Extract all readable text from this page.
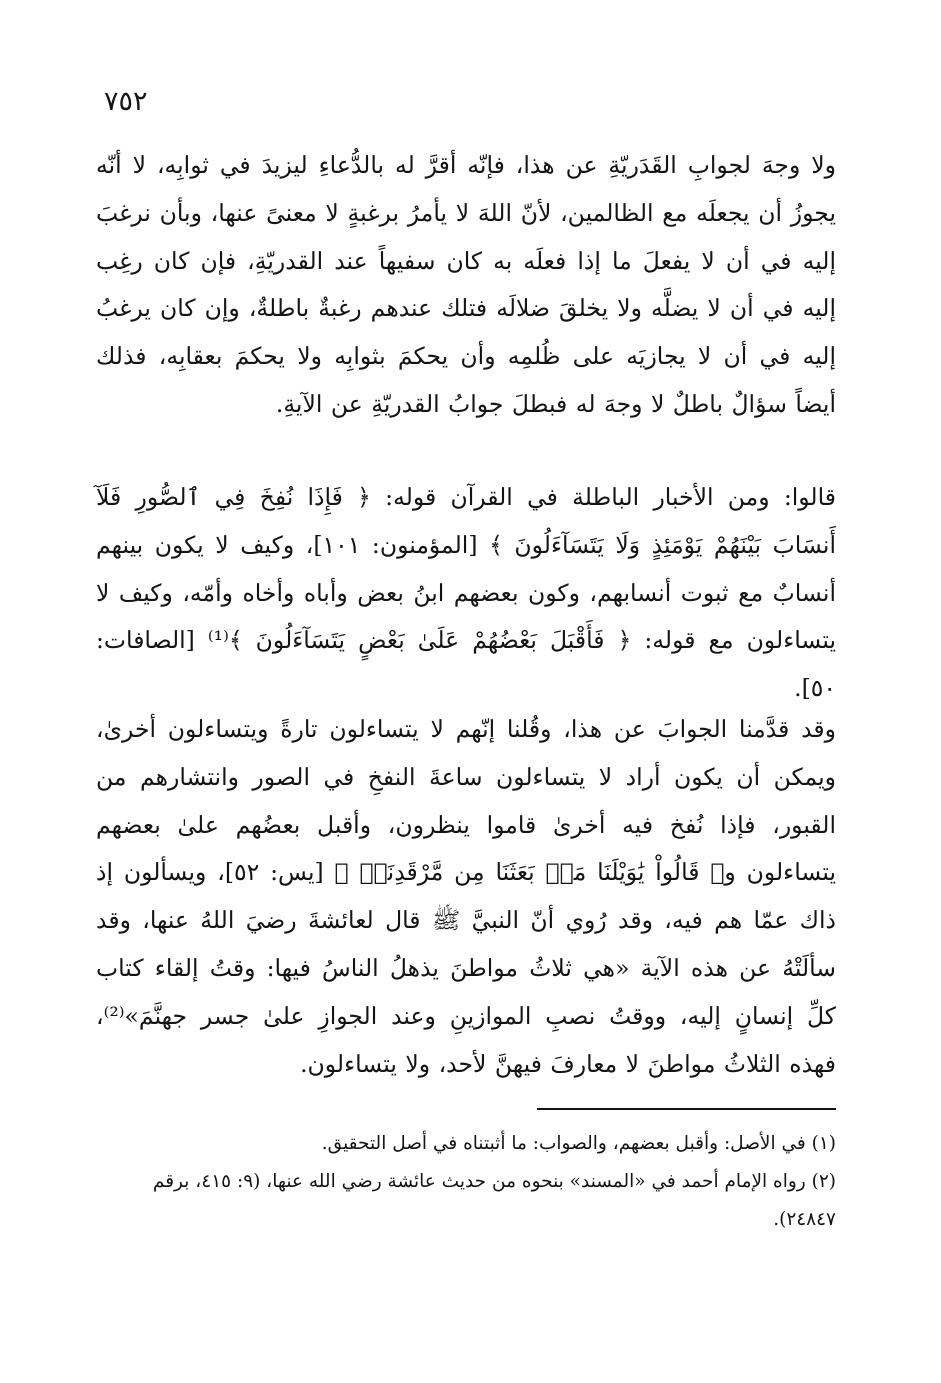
٧٥٢

ولا وجهَ لجوابِ القَدَريّةِ عن هذا، فإنّه أقرَّ له بالدُّعاءِ ليزيدَ في ثوابِه، لا أنّه يجوزُ أن يجعلَه مع الظالمين، لأنّ اللهَ لا يأمرُ برغبةٍ لا معنىً عنها، وبأن نرغبَ إليه في أن لا يفعلَ ما إذا فعلَه به كان سفيهاً عند القدريّةِ، فإن كان رغِب إليه في أن لا يضلَّه ولا يخلقَ ضلالَه فتلك عندهم رغبةٌ باطلةٌ، وإن كان يرغبُ إليه في أن لا يجازيَه على ظُلمِه وأن يحكمَ بثوابِه ولا يحكمَ بعقابِه، فذلك أيضاً سؤالٌ باطلٌ لا وجهَ له فبطلَ جوابُ القدريّةِ عن الآيةِ.

قالوا: ومن الأخبار الباطلة في القرآن قوله: ﴿ فَإِذَا نُفِخَ فِي ٱلصُّورِ فَلَآ أَنسَابَ بَيْنَهُمْ يَوْمَئِذٍ وَلَا يَتَسَآءَلُونَ ﴾ [المؤمنون: ١٠١]، وكيف لا يكون بينهم أنسابٌ مع ثبوت أنسابهم، وكون بعضهم ابنُ بعض وأباه وأخاه وأمّه، وكيف لا يتساءلون مع قوله: ﴿ فَأَقْبَلَ بَعْضُهُمْ عَلَىٰ بَعْضٍ يَتَسَآءَلُونَ ﴾⁽¹⁾ [الصافات: ٥٠].

وقد قدَّمنا الجوابَ عن هذا، وقُلنا إنّهم لا يتساءلون تارةً ويتساءلون أخرىٰ، ويمكن أن يكون أراد لا يتساءلون ساعةَ النفخِ في الصور وانتشارهم من القبور، فإذا نُفخ فيه أخرىٰ قاموا ينظرون، وأقبل بعضُهم علىٰ بعضهم يتساءلون و﴿ قَالُواْ يَٰوَيْلَنَا مَنۢ بَعَثَنَا مِن مَّرْقَدِنَاۜ ﴾ [يس: ٥٢]، ويسألون إذ ذاك عمّا هم فيه، وقد رُوي أنّ النبيَّ ﷺ قال لعائشةَ رضيَ اللهُ عنها، وقد سألَتْهُ عن هذه الآية «هي ثلاثُ مواطنَ يذهلُ الناسُ فيها: وقتُ إلقاء كتاب كلِّ إنسانٍ إليه، ووقتُ نصبِ الموازينِ وعند الجوازِ علىٰ جسر جهنَّمَ»⁽²⁾، فهذه الثلاثُ مواطنَ لا معارفَ فيهنَّ لأحد، ولا يتساءلون.

(١) في الأصل: وأقبل بعضهم، والصواب: ما أثبتناه في أصل التحقيق.
(٢) رواه الإمام أحمد في «المسند» بنحوه من حديث عائشة رضي الله عنها، (٩: ٤١٥، برقم ٢٤٨٤٧).
